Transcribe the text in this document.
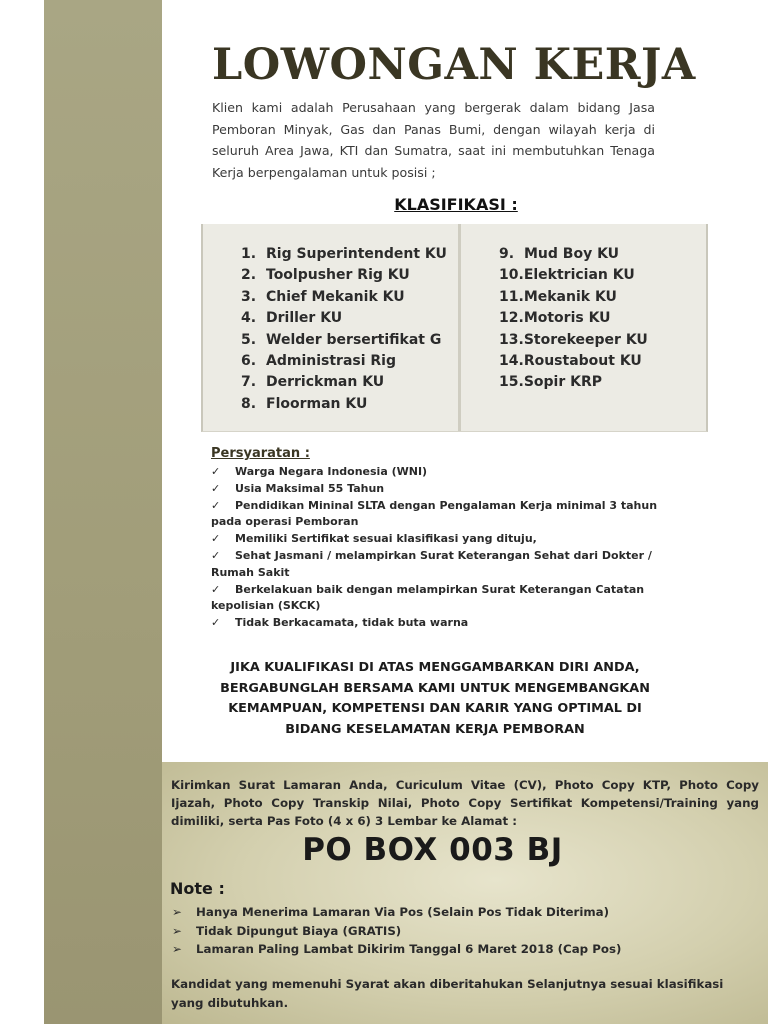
LOWONGAN KERJA

Klien kami adalah Perusahaan yang bergerak dalam bidang Jasa Pemboran Minyak, Gas dan Panas Bumi, dengan wilayah kerja di seluruh Area Jawa, KTI dan Sumatra, saat ini membutuhkan Tenaga Kerja berpengalaman untuk posisi ;

KLASIFIKASI :
1. Rig Superintendent KU
2. Toolpusher Rig KU
3. Chief Mekanik KU
4. Driller KU
5. Welder bersertifikat G
6. Administrasi Rig
7. Derrickman KU
8. Floorman KU
9. Mud Boy KU
10. Elektrician KU
11. Mekanik KU
12. Motoris KU
13. Storekeeper KU
14. Roustabout KU
15. Sopir KRP
Persyaratan :
✓ Warga Negara Indonesia (WNI)
✓ Usia Maksimal 55 Tahun
✓ Pendidikan Mininal SLTA dengan Pengalaman Kerja minimal 3 tahun pada operasi Pemboran
✓ Memiliki Sertifikat sesuai klasifikasi yang dituju,
✓ Sehat Jasmani / melampirkan Surat Keterangan Sehat dari Dokter / Rumah Sakit
✓ Berkelakuan baik dengan melampirkan Surat Keterangan Catatan kepolisian (SKCK)
✓ Tidak Berkacamata, tidak buta warna
JIKA KUALIFIKASI DI ATAS MENGGAMBARKAN DIRI ANDA, BERGABUNGLAH BERSAMA KAMI UNTUK MENGEMBANGKAN KEMAMPUAN, KOMPETENSI DAN KARIR YANG OPTIMAL DI BIDANG KESELAMATAN KERJA PEMBORAN
Kirimkan Surat Lamaran Anda, Curiculum Vitae (CV), Photo Copy KTP, Photo Copy Ijazah, Photo Copy Transkip Nilai, Photo Copy Sertifikat Kompetensi/Training yang dimiliki, serta Pas Foto (4 x 6) 3 Lembar ke Alamat :
PO BOX 003 BJ
Note :
➢ Hanya Menerima Lamaran Via Pos (Selain Pos Tidak Diterima)
➢ Tidak Dipungut Biaya (GRATIS)
➢ Lamaran Paling Lambat Dikirim Tanggal 6 Maret 2018 (Cap Pos)
Kandidat yang memenuhi Syarat akan diberitahukan Selanjutnya sesuai klasifikasi yang dibutuhkan.
